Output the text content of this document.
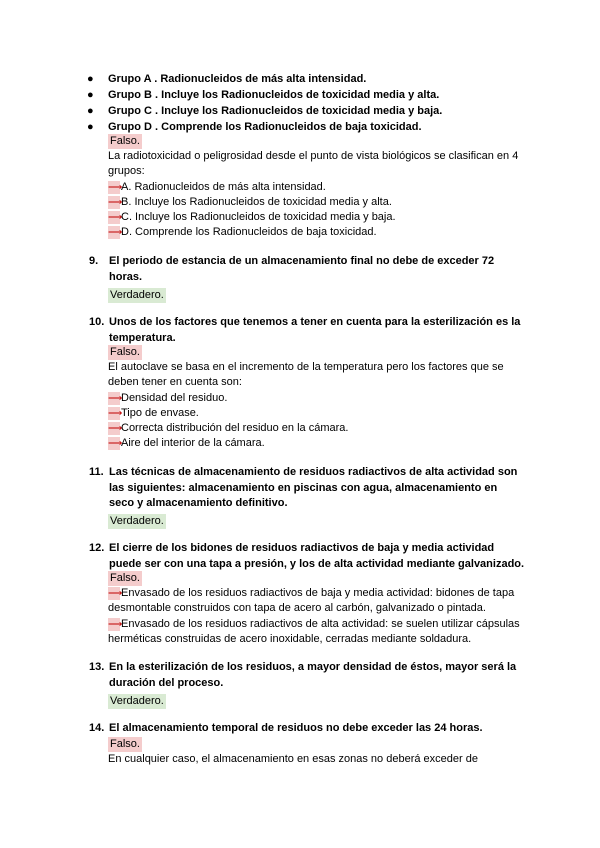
● Grupo A . Radionucleidos de más alta intensidad.
● Grupo B . Incluye los Radionucleidos de toxicidad media y alta.
● Grupo C . Incluye los Radionucleidos de toxicidad media y baja.
● Grupo D . Comprende los Radionucleidos de baja toxicidad.
Falso.
La radiotoxicidad o peligrosidad desde el punto de vista biológicos se clasifican en 4
grupos:
⟶A. Radionucleidos de más alta intensidad.
⟶B. Incluye los Radionucleidos de toxicidad media y alta.
⟶C. Incluye los Radionucleidos de toxicidad media y baja.
⟶D. Comprende los Radionucleidos de baja toxicidad.
9. El periodo de estancia de un almacenamiento final no debe de exceder 72
horas.
Verdadero.
10. Unos de los factores que tenemos a tener en cuenta para la esterilización es la
temperatura.
Falso.
El autoclave se basa en el incremento de la temperatura pero los factores que se
deben tener en cuenta son:
⟶Densidad del residuo.
⟶Tipo de envase.
⟶Correcta distribución del residuo en la cámara.
⟶Aire del interior de la cámara.
11. Las técnicas de almacenamiento de residuos radiactivos de alta actividad son
las siguientes: almacenamiento en piscinas con agua, almacenamiento en
seco y almacenamiento definitivo.
Verdadero.
12. El cierre de los bidones de residuos radiactivos de baja y media actividad
puede ser con una tapa a presión, y los de alta actividad mediante galvanizado.
Falso.
⟶Envasado de los residuos radiactivos de baja y media actividad: bidones de tapa
desmontable construidos con tapa de acero al carbón, galvanizado o pintada.
⟶Envasado de los residuos radiactivos de alta actividad: se suelen utilizar cápsulas
herméticas construidas de acero inoxidable, cerradas mediante soldadura.
13. En la esterilización de los residuos, a mayor densidad de éstos, mayor será la
duración del proceso.
Verdadero.
14. El almacenamiento temporal de residuos no debe exceder las 24 horas.
Falso.
En cualquier caso, el almacenamiento en esas zonas no deberá exceder de
